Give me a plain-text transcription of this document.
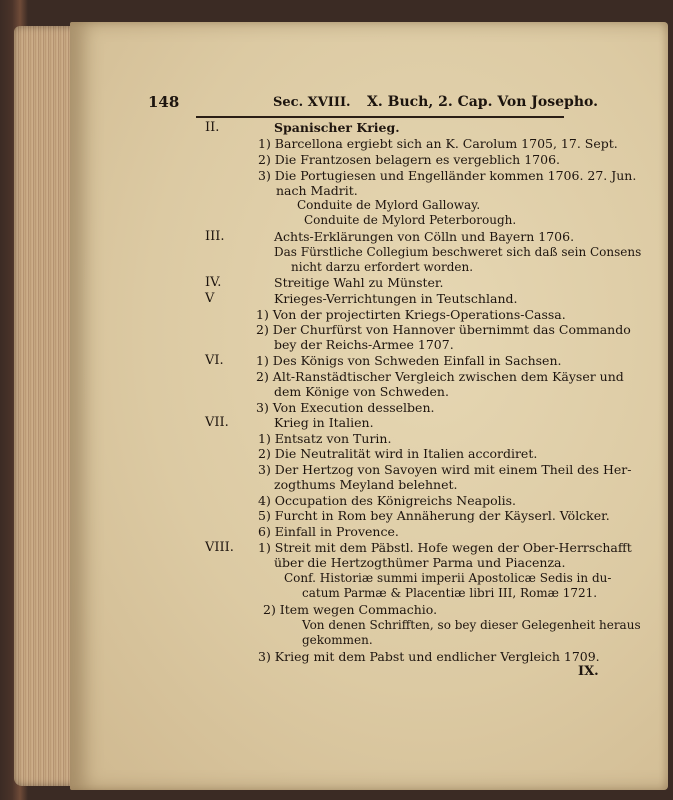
148	Sec. XVIII. X. Buch, 2. Cap. Von Josepho.
II.	Spanischer Krieg.
1) Barcellona ergiebt sich an K. Carolum 1705, 17. Sept.
2) Die Frantzosen belagern es vergeblich 1706.
3) Die Portugiesen und Engelländer kommen 1706. 27. Jun.
nach Madrit.
Conduite de Mylord Galloway.
Conduite de Mylord Peterborough.
III.	Achts-Erklärungen von Cölln und Bayern 1706.
Das Fürstliche Collegium beschweret sich daß sein Consens
nicht darzu erfordert worden.
IV.	Streitige Wahl zu Münster.
V	Krieges-Verrichtungen in Teutschland.
1) Von der projectirten Kriegs-Operations-Cassa.
2) Der Churfürst von Hannover übernimmt das Commando
bey der Reichs-Armee 1707.
VI.	1) Des Königs von Schweden Einfall in Sachsen.
2) Alt-Ranstädtischer Vergleich zwischen dem Käyser und
dem Könige von Schweden.
3) Von Execution desselben.
VII.	Krieg in Italien.
1) Entsatz von Turin.
2) Die Neutralität wird in Italien accordiret.
3) Der Hertzog von Savoyen wird mit einem Theil des Her-
zogthums Meyland belehnet.
4) Occupation des Königreichs Neapolis.
5) Furcht in Rom bey Annäherung der Käyserl. Völcker.
6) Einfall in Provence.
VIII. 1) Streit mit dem Päbstl. Hofe wegen der Ober-Herrschafft
über die Hertzogthümer Parma und Piacenza.
Conf. Historiæ summi imperii Apostolicæ Sedis in du-
catum Parmæ & Placentiæ libri III, Romæ 1721.
2) Item wegen Commachio.
Von denen Schrifften, so bey dieser Gelegenheit heraus
gekommen.
3) Krieg mit dem Pabst und endlicher Vergleich 1709.
IX.
